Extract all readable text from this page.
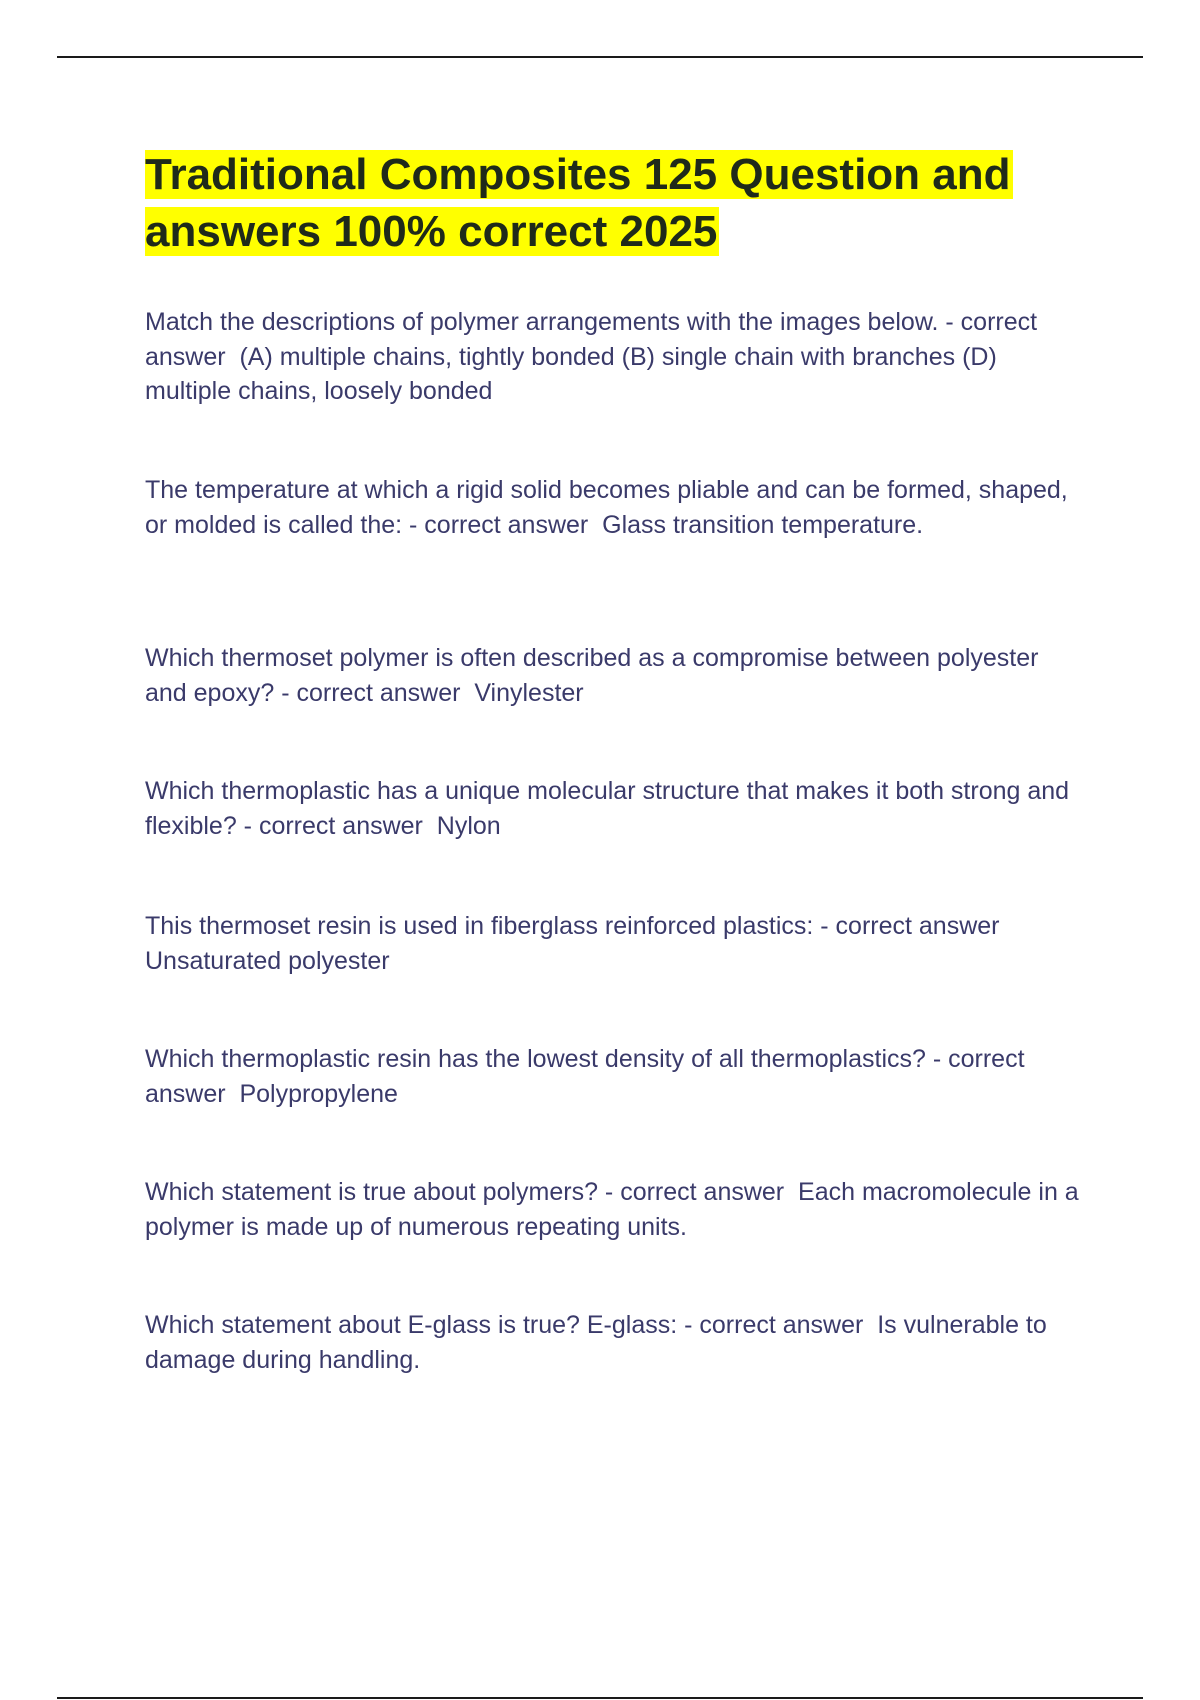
Traditional Composites 125 Question and answers 100% correct 2025

Match the descriptions of polymer arrangements with the images below. - correct answer  (A) multiple chains, tightly bonded (B) single chain with branches (D) multiple chains, loosely bonded

The temperature at which a rigid solid becomes pliable and can be formed, shaped, or molded is called the: - correct answer  Glass transition temperature.

Which thermoset polymer is often described as a compromise between polyester and epoxy? - correct answer  Vinylester

Which thermoplastic has a unique molecular structure that makes it both strong and flexible? - correct answer  Nylon

This thermoset resin is used in fiberglass reinforced plastics: - correct answer  Unsaturated polyester

Which thermoplastic resin has the lowest density of all thermoplastics? - correct answer  Polypropylene

Which statement is true about polymers? - correct answer  Each macromolecule in a polymer is made up of numerous repeating units.

Which statement about E-glass is true? E-glass: - correct answer  Is vulnerable to damage during handling.
